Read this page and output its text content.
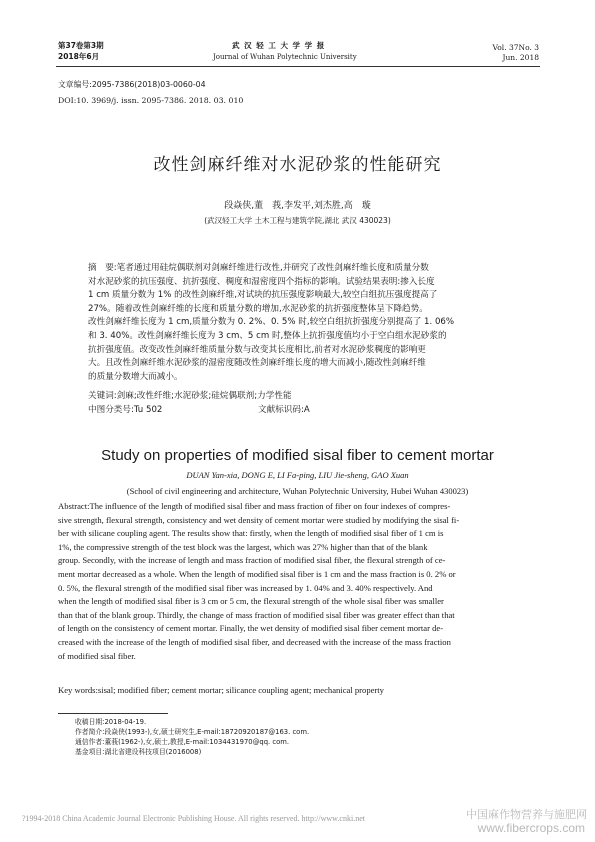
第37卷第3期
2018年6月
武 汉 轻 工 大 学 学 报
Journal of Wuhan Polytechnic University
Vol. 37No. 3
Jun. 2018
文章编号:2095-7386(2018)03-0060-04
DOI:10. 3969/j. issn. 2095-7386. 2018. 03. 010
改性剑麻纤维对水泥砂浆的性能研究
段焱侠,董　莪,李发平,刘杰胜,高　璇
(武汉轻工大学 土木工程与建筑学院,湖北 武汉 430023)
摘　要:笔者通过用硅烷偶联剂对剑麻纤维进行改性,并研究了改性剑麻纤维长度和质量分数
对水泥砂浆的抗压强度、抗折强度、稠度和湿密度四个指标的影响。试验结果表明:掺入长度
1 cm 质量分数为 1% 的改性剑麻纤维,对试块的抗压强度影响最大,较空白组抗压强度提高了
27%。随着改性剑麻纤维的长度和质量分数的增加,水泥砂浆的抗折强度整体呈下降趋势。
改性剑麻纤维长度为 1 cm,质量分数为 0. 2%、0. 5% 时,较空白组抗折强度分别提高了 1. 06%
和 3. 40%。改性剑麻纤维长度为 3 cm、5 cm 时,整体上抗折强度值均小于空白组水泥砂浆的
抗折强度值。改变改性剑麻纤维质量分数与改变其长度相比,前者对水泥砂浆稠度的影响更
大。且改性剑麻纤维水泥砂浆的湿密度随改性剑麻纤维长度的增大而减小,随改性剑麻纤维
的质量分数增大而减小。
关键词:剑麻;改性纤维;水泥砂浆;硅烷偶联剂;力学性能
中图分类号:Tu 502	文献标识码:A
Study on properties of modified sisal fiber to cement mortar
DUAN Yan-xia, DONG E, LI Fa-ping, LIU Jie-sheng, GAO Xuan
(School of civil engineering and architecture, Wuhan Polytechnic University, Hubei Wuhan 430023)
Abstract:The influence of the length of modified sisal fiber and mass fraction of fiber on four indexes of compres-
sive strength, flexural strength, consistency and wet density of cement mortar were studied by modifying the sisal fi-
ber with silicane coupling agent. The results show that: firstly, when the length of modified sisal fiber of 1 cm is
1%, the compressive strength of the test block was the largest, which was 27% higher than that of the blank
group. Secondly, with the increase of length and mass fraction of modified sisal fiber, the flexural strength of ce-
ment mortar decreased as a whole. When the length of modified sisal fiber is 1 cm and the mass fraction is 0. 2% or
0. 5%, the flexural strength of the modified sisal fiber was increased by 1. 04% and 3. 40% respectively. And
when the length of modified sisal fiber is 3 cm or 5 cm, the flexural strength of the whole sisal fiber was smaller
than that of the blank group. Thirdly, the change of mass fraction of modified sisal fiber was greater effect than that
of length on the consistency of cement mortar. Finally, the wet density of modified sisal fiber cement mortar de-
creased with the increase of the length of modified sisal fiber, and decreased with the increase of the mass fraction
of modified sisal fiber.
Key words:sisal; modified fiber; cement mortar; silicance coupling agent; mechanical property
收稿日期:2018-04-19.
作者简介:段焱侠(1993-),女,硕士研究生,E-mail:18720920187@163. com.
通信作者:董莪(1962-),女,硕士,教授,E-mail:1034431970@qq. com.
基金项目:湖北省建设科技项目(2016008)
?1994-2018 China Academic Journal Electronic Publishing House. All rights reserved. http://www.cnki.net	中国麻作物营养与施肥网
www.fibercrops.com
